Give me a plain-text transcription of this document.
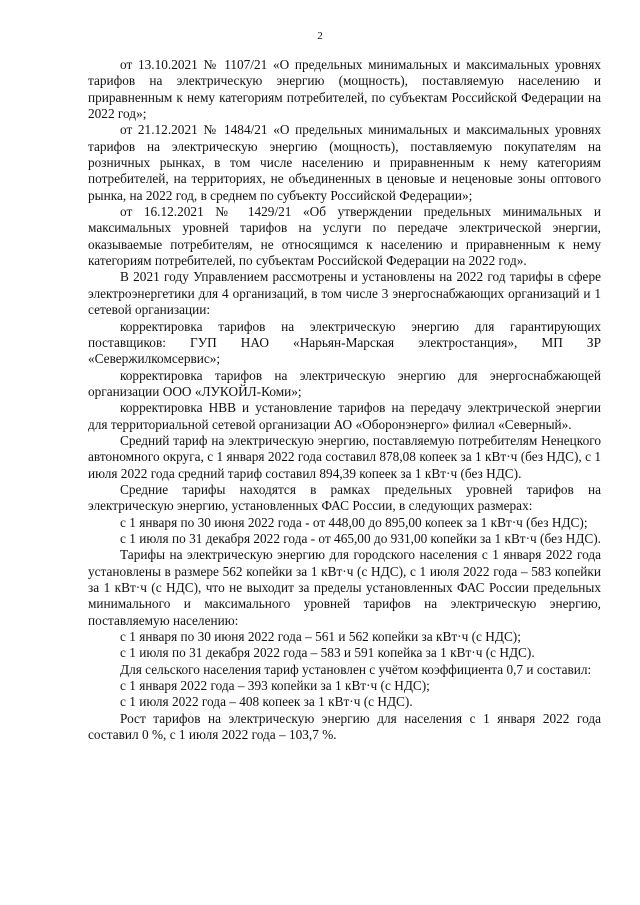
2

от 13.10.2021 № 1107/21 «О предельных минимальных и максимальных уровнях тарифов на электрическую энергию (мощность), поставляемую населению и приравненным к нему категориям потребителей, по субъектам Российской Федерации на 2022 год»;

от 21.12.2021 № 1484/21 «О предельных минимальных и максимальных уровнях тарифов на электрическую энергию (мощность), поставляемую покупателям на розничных рынках, в том числе населению и приравненным к нему категориям потребителей, на территориях, не объединенных в ценовые и неценовые зоны оптового рынка, на 2022 год, в среднем по субъекту Российской Федерации»;

от 16.12.2021 № 1429/21 «Об утверждении предельных минимальных и максимальных уровней тарифов на услуги по передаче электрической энергии, оказываемые потребителям, не относящимся к населению и приравненным к нему категориям потребителей, по субъектам Российской Федерации на 2022 год».

В 2021 году Управлением рассмотрены и установлены на 2022 год тарифы в сфере электроэнергетики для 4 организаций, в том числе 3 энергоснабжающих организаций и 1 сетевой организации:

корректировка тарифов на электрическую энергию для гарантирующих поставщиков: ГУП НАО «Нарьян-Марская электростанция», МП ЗР «Севержилкомсервис»;

корректировка тарифов на электрическую энергию для энергоснабжающей организации ООО «ЛУКОЙЛ-Коми»;

корректировка НВВ и установление тарифов на передачу электрической энергии для территориальной сетевой организации АО «Оборонэнерго» филиал «Северный».

Средний тариф на электрическую энергию, поставляемую потребителям Ненецкого автономного округа, с 1 января 2022 года составил 878,08 копеек за 1 кВт·ч (без НДС), с 1 июля 2022 года средний тариф составил 894,39 копеек за 1 кВт·ч (без НДС).

Средние тарифы находятся в рамках предельных уровней тарифов на электрическую энергию, установленных ФАС России, в следующих размерах:

с 1 января по 30 июня 2022 года - от 448,00 до 895,00 копеек за 1 кВт·ч (без НДС);

с 1 июля по 31 декабря 2022 года - от 465,00 до 931,00 копейки за 1 кВт·ч (без НДС).

Тарифы на электрическую энергию для городского населения с 1 января 2022 года установлены в размере 562 копейки за 1 кВт·ч (с НДС), с 1 июля 2022 года – 583 копейки за 1 кВт·ч (с НДС), что не выходит за пределы установленных ФАС России предельных минимального и максимального уровней тарифов на электрическую энергию, поставляемую населению:

с 1 января по 30 июня 2022 года – 561 и 562 копейки за кВт·ч (с НДС);

с 1 июля по 31 декабря 2022 года – 583 и 591 копейка за 1 кВт·ч (с НДС).

Для сельского населения тариф установлен с учётом коэффициента 0,7 и составил:

с 1 января 2022 года – 393 копейки за 1 кВт·ч (с НДС);

с 1 июля 2022 года – 408 копеек за 1 кВт·ч (с НДС).

Рост тарифов на электрическую энергию для населения с 1 января 2022 года составил 0 %, с 1 июля 2022 года – 103,7 %.
